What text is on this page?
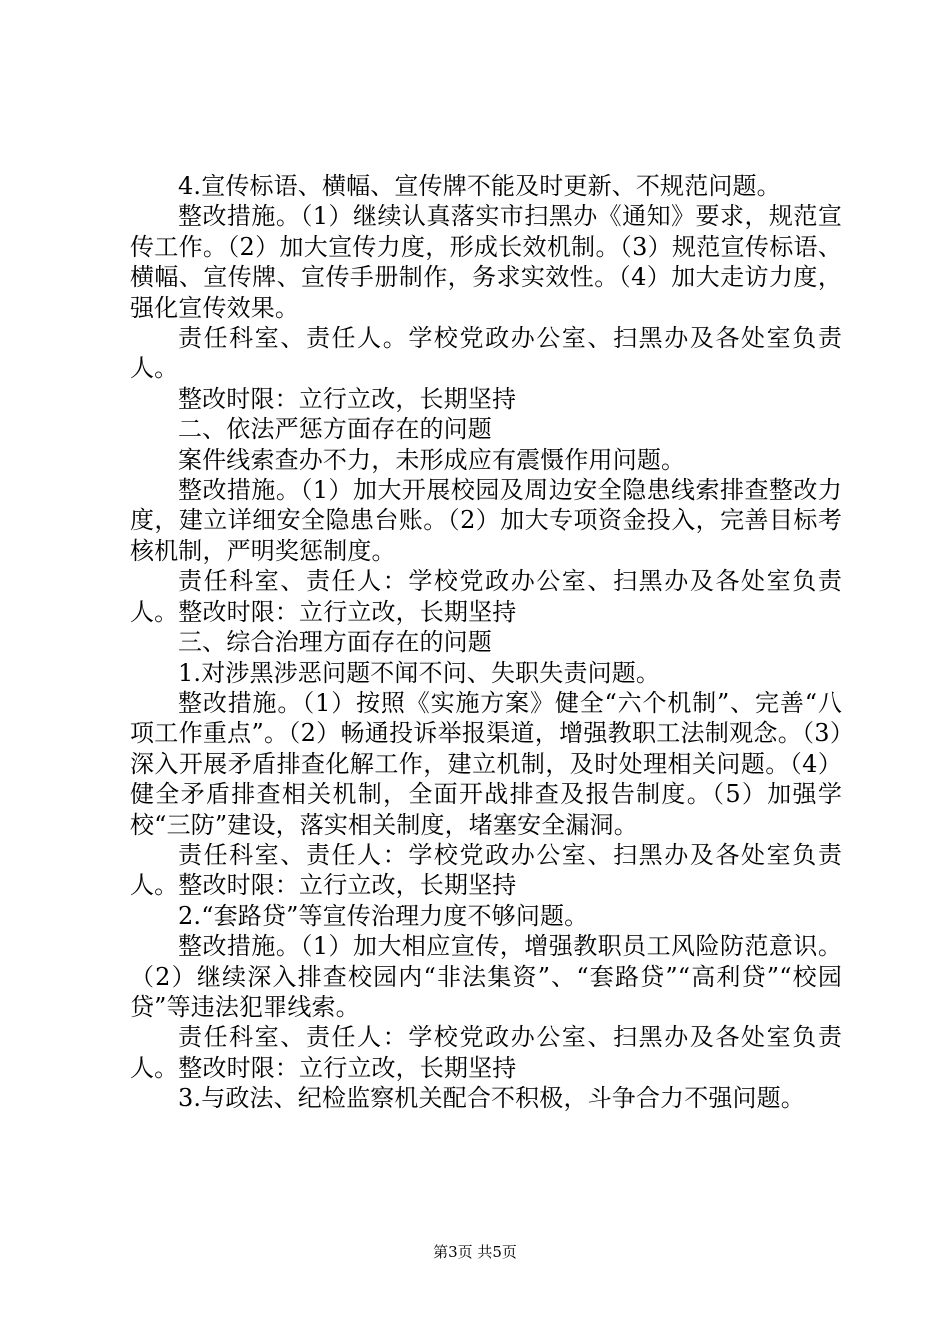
4.宣传标语、横幅、宣传牌不能及时更新、不规范问题。

整改措施。（1）继续认真落实市扫黑办《通知》要求，规范宣传工作。（2）加大宣传力度，形成长效机制。（3）规范宣传标语、横幅、宣传牌、宣传手册制作，务求实效性。（4）加大走访力度，强化宣传效果。

责任科室、责任人。学校党政办公室、扫黑办及各处室负责人。

整改时限：立行立改，长期坚持

二、依法严惩方面存在的问题

案件线索查办不力，未形成应有震慑作用问题。

整改措施。（1）加大开展校园及周边安全隐患线索排查整改力度，建立详细安全隐患台账。（2）加大专项资金投入，完善目标考核机制，严明奖惩制度。

责任科室、责任人：学校党政办公室、扫黑办及各处室负责人。整改时限：立行立改，长期坚持

三、综合治理方面存在的问题

1.对涉黑涉恶问题不闻不问、失职失责问题。

整改措施。（1）按照《实施方案》健全“六个机制”、完善“八项工作重点”。（2）畅通投诉举报渠道，增强教职工法制观念。（3）深入开展矛盾排查化解工作，建立机制，及时处理相关问题。（4）健全矛盾排查相关机制，全面开战排查及报告制度。（5）加强学校“三防”建设，落实相关制度，堵塞安全漏洞。

责任科室、责任人：学校党政办公室、扫黑办及各处室负责人。整改时限：立行立改，长期坚持

2.“套路贷”等宣传治理力度不够问题。

整改措施。（1）加大相应宣传，增强教职员工风险防范意识。（2）继续深入排查校园内“非法集资”、“套路贷”“高利贷”“校园贷”等违法犯罪线索。

责任科室、责任人：学校党政办公室、扫黑办及各处室负责人。整改时限：立行立改，长期坚持

3.与政法、纪检监察机关配合不积极，斗争合力不强问题。

第3页 共5页
